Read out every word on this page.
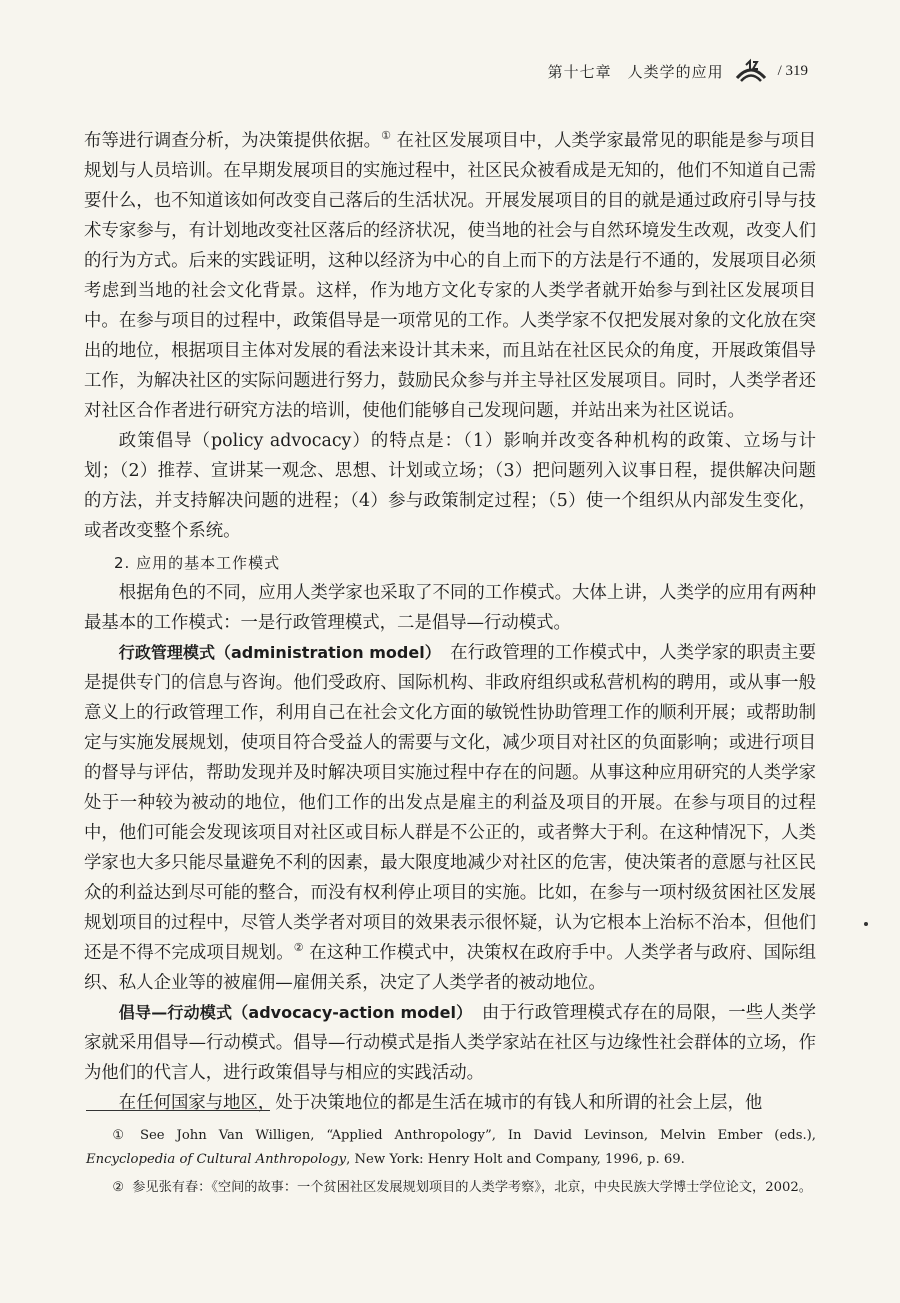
第十七章　人类学的应用	/ 319

布等进行调查分析，为决策提供依据。① 在社区发展项目中，人类学家最常见的职能是参与项目规划与人员培训。在早期发展项目的实施过程中，社区民众被看成是无知的，他们不知道自己需要什么，也不知道该如何改变自己落后的生活状况。开展发展项目的目的就是通过政府引导与技术专家参与，有计划地改变社区落后的经济状况，使当地的社会与自然环境发生改观，改变人们的行为方式。后来的实践证明，这种以经济为中心的自上而下的方法是行不通的，发展项目必须考虑到当地的社会文化背景。这样，作为地方文化专家的人类学者就开始参与到社区发展项目中。在参与项目的过程中，政策倡导是一项常见的工作。人类学家不仅把发展对象的文化放在突出的地位，根据项目主体对发展的看法来设计其未来，而且站在社区民众的角度，开展政策倡导工作，为解决社区的实际问题进行努力，鼓励民众参与并主导社区发展项目。同时，人类学者还对社区合作者进行研究方法的培训，使他们能够自己发现问题，并站出来为社区说话。

政策倡导（policy advocacy）的特点是：（1）影响并改变各种机构的政策、立场与计划；（2）推荐、宣讲某一观念、思想、计划或立场；（3）把问题列入议事日程，提供解决问题的方法，并支持解决问题的进程；（4）参与政策制定过程；（5）使一个组织从内部发生变化，或者改变整个系统。

2. 应用的基本工作模式

根据角色的不同，应用人类学家也采取了不同的工作模式。大体上讲，人类学的应用有两种最基本的工作模式：一是行政管理模式，二是倡导—行动模式。

行政管理模式（administration model）　在行政管理的工作模式中，人类学家的职责主要是提供专门的信息与咨询。他们受政府、国际机构、非政府组织或私营机构的聘用，或从事一般意义上的行政管理工作，利用自己在社会文化方面的敏锐性协助管理工作的顺利开展；或帮助制定与实施发展规划，使项目符合受益人的需要与文化，减少项目对社区的负面影响；或进行项目的督导与评估，帮助发现并及时解决项目实施过程中存在的问题。从事这种应用研究的人类学家处于一种较为被动的地位，他们工作的出发点是雇主的利益及项目的开展。在参与项目的过程中，他们可能会发现该项目对社区或目标人群是不公正的，或者弊大于利。在这种情况下，人类学家也大多只能尽量避免不利的因素，最大限度地减少对社区的危害，使决策者的意愿与社区民众的利益达到尽可能的整合，而没有权利停止项目的实施。比如，在参与一项村级贫困社区发展规划项目的过程中，尽管人类学者对项目的效果表示很怀疑，认为它根本上治标不治本，但他们还是不得不完成项目规划。② 在这种工作模式中，决策权在政府手中。人类学者与政府、国际组织、私人企业等的被雇佣—雇佣关系，决定了人类学者的被动地位。

倡导—行动模式（advocacy-action model）　由于行政管理模式存在的局限，一些人类学家就采用倡导—行动模式。倡导—行动模式是指人类学家站在社区与边缘性社会群体的立场，作为他们的代言人，进行政策倡导与相应的实践活动。

在任何国家与地区，处于决策地位的都是生活在城市的有钱人和所谓的社会上层，他

① See John Van Willigen, “Applied Anthropology”, In David Levinson, Melvin Ember (eds.), Encyclopedia of Cultural Anthropology, New York: Henry Holt and Company, 1996, p. 69.

② 参见张有春：《空间的故事：一个贫困社区发展规划项目的人类学考察》，北京，中央民族大学博士学位论文，2002。
